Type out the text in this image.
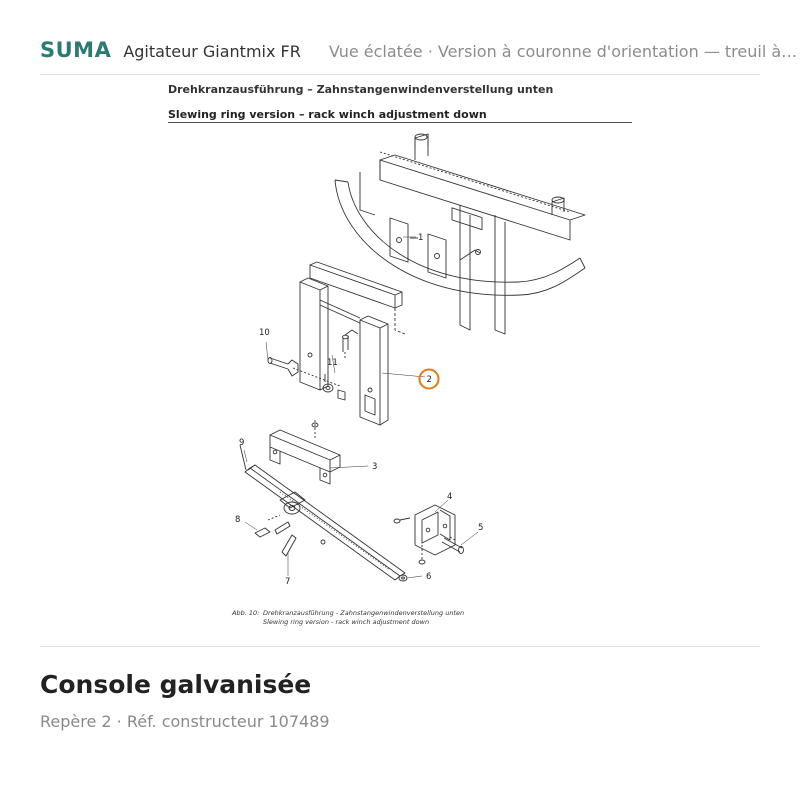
SUMA Agitateur Giantmix FR Vue éclatée · Version à couronne d'orientation — treuil à…
Drehkranzausführung – Zahnstangenwindenverstellung unten
Slewing ring version – rack winch adjustment down
1
2
3
4
5
6
7
8
9
10
11
Abb. 10: Drehkranzausführung - Zahnstangenwindenverstellung unten
Slewing ring version - rack winch adjustment down
Console galvanisée
Repère 2 · Réf. constructeur 107489
